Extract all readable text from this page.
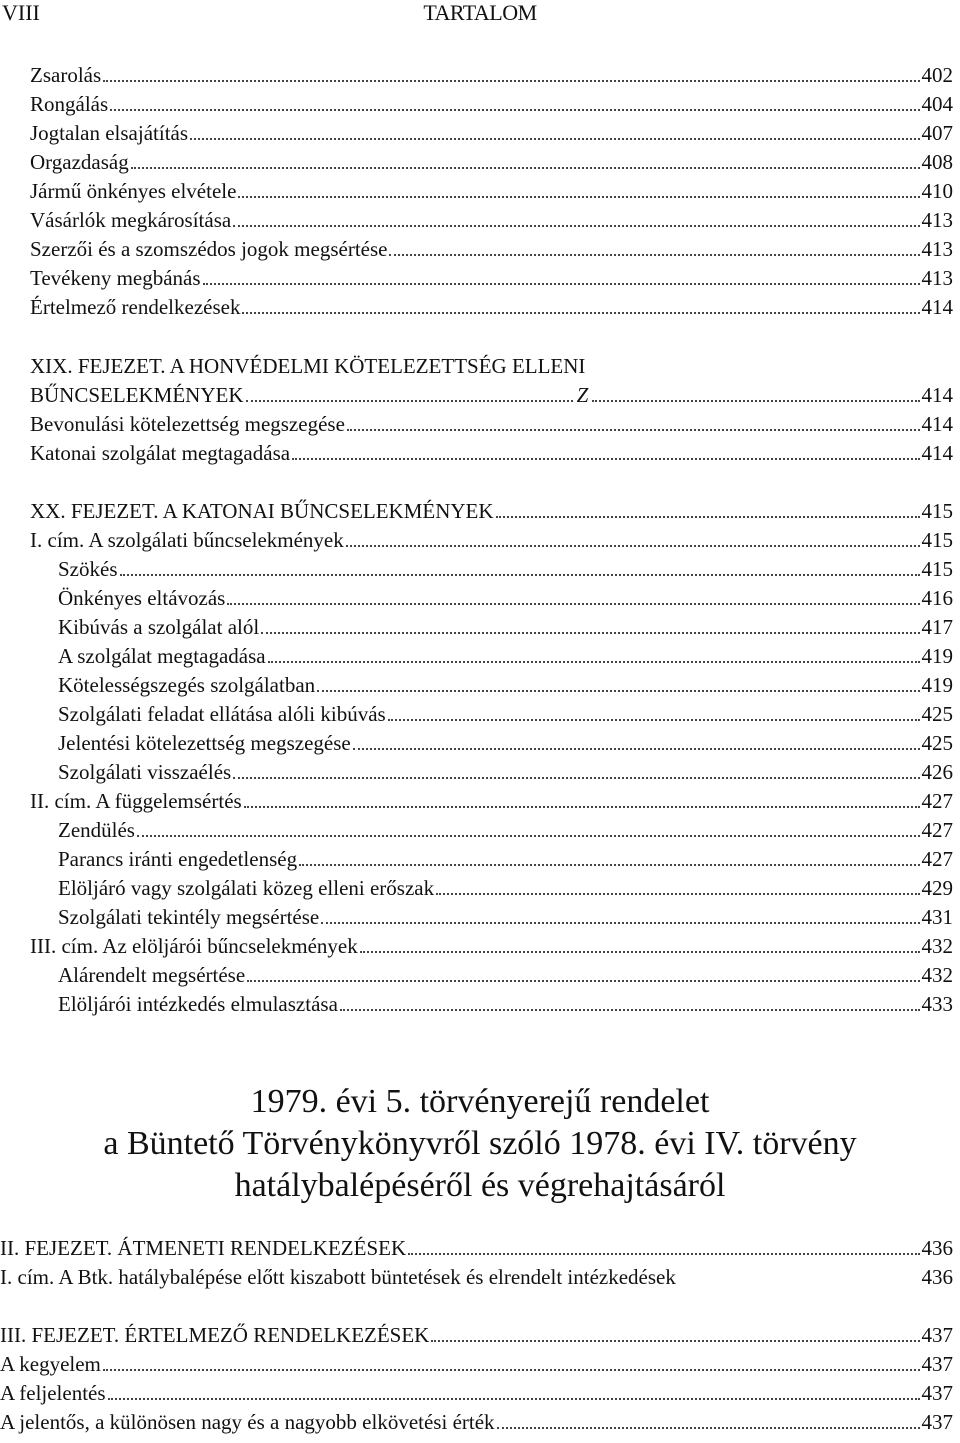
VIII	TARTALOM
Zsarolás	402
Rongálás	404
Jogtalan elsajátítás	407
Orgazdaság	408
Jármű önkényes elvétele	410
Vásárlók megkárosítása	413
Szerzői és a szomszédos jogok megsértése	413
Tevékeny megbánás	413
Értelmező rendelkezések	414
XIX. FEJEZET. A HONVÉDELMI KÖTELEZETTSÉG ELLENI
BŰNCSELEKMÉNYEK	Z	414
Bevonulási kötelezettség megszegése	414
Katonai szolgálat megtagadása	414
XX. FEJEZET. A KATONAI BŰNCSELEKMÉNYEK	415
I. cím. A szolgálati bűncselekmények	415
Szökés	415
Önkényes eltávozás	416
Kibúvás a szolgálat alól	417
A szolgálat megtagadása	419
Kötelességszegés szolgálatban	419
Szolgálati feladat ellátása alóli kibúvás	425
Jelentési kötelezettség megszegése	425
Szolgálati visszaélés	426
II. cím. A függelemsértés	427
Zendülés	427
Parancs iránti engedetlenség	427
Elöljáró vagy szolgálati közeg elleni erőszak	429
Szolgálati tekintély megsértése	431
III. cím. Az elöljárói bűncselekmények	432
Alárendelt megsértése	432
Elöljárói intézkedés elmulasztása	433
1979. évi 5. törvényerejű rendelet
a Büntető Törvénykönyvről szóló 1978. évi IV. törvény
hatálybalépéséről és végrehajtásáról
II. FEJEZET. ÁTMENETI RENDELKEZÉSEK	436
I. cím. A Btk. hatálybalépése előtt kiszabott büntetések és elrendelt intézkedések	436
III. FEJEZET. ÉRTELMEZŐ RENDELKEZÉSEK	437
A kegyelem	437
A feljelentés	437
A jelentős, a különösen nagy és a nagyobb elkövetési érték	437
